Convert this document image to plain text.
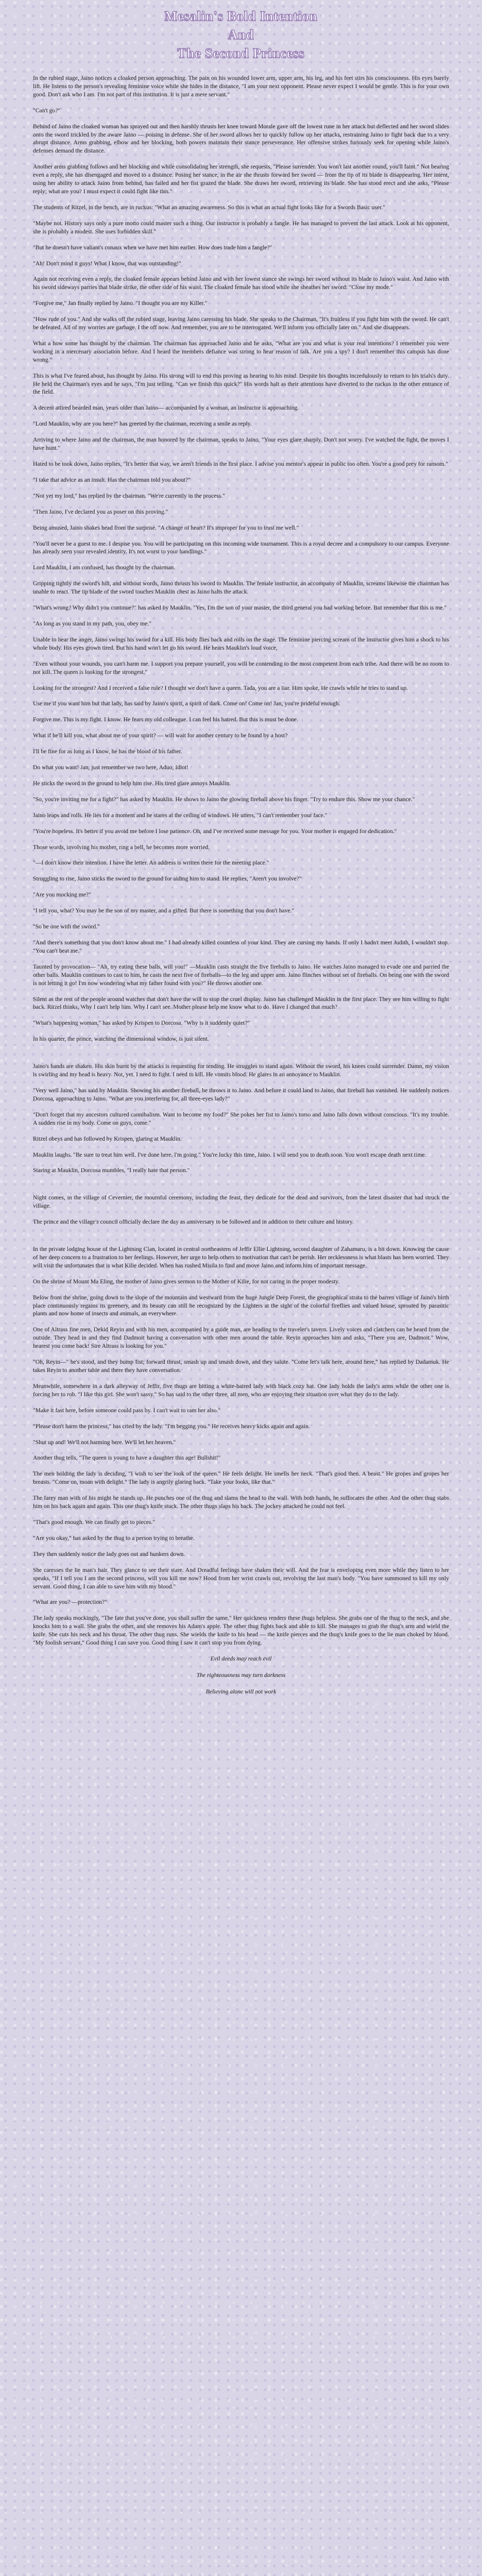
Mesalin's Bold Intention
And
The Second Princess

In the rubied stage, Jaino notices a cloaked person approaching. The pain on his wounded lower arm, upper arm, his leg, and his feet stirs his consciousness. His eyes barely lift. He listens to the person's revealing feminine voice while she hides in the distance, "I am your next opponent. Please never expect I would be gentle. This is for your own good. Don't ask who I am. I'm not part of this institution. It is just a mere servant."

"Can't go?"

Behind of Jaino the cloaked woman has sprayed out and then harshly thrusts her knee toward Morale gave off the lowest rune in her attack but deflected and her sword slides onto the sword trickled by the aware Jaino — poising in defense. She of her sword allows her to quickly follow up her attacks, restraining Jaino to fight back due to a very abrupt distance. Arms grabbing, elbow and her blocking, both powers maintain their stance perseverance. Her offensive strikes furiously seek for opening while Jaino's defenses demand the distance.

Another arms grabbing follows and her blocking and while consolidating her strength, she requests, "Please surrender. You won't last another round, you'll faint." Not bearing even a reply, she has disengaged and moved to a distance. Posing her stance, in the air she thrusts forward her sword — from the tip of its blade is disappearing. Her intent, using her ability to attack Jaino from behind, has failed and her fist grazed the blade. She draws her sword, retrieving its blade. She has stood erect and she asks, "Please reply; what are you? I must expect it could fight like this."

The students of Ritzel, in the bench, are in ruckus: "What an amazing awareness. So this is what an actual fight looks like for a Swords Basic user."

"Maybe not. History says only a pure motto could master such a thing. Our instructor is probably a fangle. He has managed to prevent the last attack. Look at his opponent, she is probably a modest. She uses forbidden skill."

"But he doesn't have valiant's conaux when we have met him earlier. How does trade him a fangle?"

"Ah! Don't mind it guys! What I know, that was outstanding!"

Again not receiving even a reply, the cloaked female appears behind Jaino and with her lowest stance she swings her sword without its blade to Jaino's waist. And Jaino with his sword sideways parries that blade strike, the other side of his waist. The cloaked female has stood while she sheathes her sword: "Close my mode."

"Forgive me," Jan finally replied by Jaino. "I thought you are my Killer."

"How rude of you." And she walks off the rubied stage, leaving Jaino caressing his blade. She speaks to the Chairman, "It's fruitless if you fight him with the sword. He can't be defeated. All of my worries are garbage. I the off now. And remember, you are to be interrogated. We'll inform you officially later on." And she disappears.

What a how some has thought by the chairman. The chairman has approached Jaino and he asks, "What are you and what is your real intentions? I remember you were working in a mercenary association before. And I heard the members defiance was strong to hear reason of talk. Are you a spy? I don't remember this campus has done wrong."

This is what I've feared about, has thought by Jaino. His strong will to end this proving as hearing to his mind. Despite his thoughts incredulously to return to his trials's duty. He held the Chairman's eyes and he says, "I'm just telling. "Can we finish this quick?" His words halt as their attentions have diverted to the ruckus in the other entrance of the field.

A decent attired bearded man, years older than Jaino— accompanied by a woman, an instructor is approaching.

"Lord Mauklin, why are you here?" has greeted by the chairman, receiving a smile as reply.

Arriving to where Jaino and the chairman, the man honored by the chairman, speaks to Jaino, "Your eyes glare sharply. Don't not worry. I've watched the fight, the moves I have hunt."

Hated to be took down, Jaino replies, "It's better that way, we aren't friends in the first place. I advise you mentor's appear in public too often. You're a good prey for ransom."

"I take that advice as an insult. Has the chairman told you about?"

"Not yet my lord," has replied by the chairman. "We're currently in the process."

"Then Jaino, I've declared you as poser on this proving."

Being amused, Jaino shakes head from the surprise. "A change of heart? It's improper for you to trust me well."

"You'll never be a guest to me. I despise you. You will be participating on this incoming wide tournament. This is a royal decree and a compulsory to our campus. Everyone has already seen your revealed identity. It's not worst to your handlings."

Lord Mauklin, I am confused, has thought by the chairman.

Gripping tightly the sword's hilt, and without words, Jaino thrusts his sword to Mauklin. The female instructor, an accompany of Mauklin, screams likewise the chairman has unable to react. The tip blade of the sword touches Mauklin chest as Jaino halts the attack.

"What's wrong? Why didn't you continue?" has asked by Mauklin. "Yes, I'm the son of your master, the third general you had working before. But remember that this is me."

"As long as you stand in my path, you, obey me."

Unable to hear the anger, Jaino swings his sword for a kill. His body flies back and rolls on the stage. The feminine piercing scream of the instructor gives him a shock to his whole body. His eyes grown tired. But his hand won't let go his sword. He hears Mauklin's loud voice,

"Even without your wounds, you can't harm me. I support you prepare yourself, you will be contending to the most competent from each tribe. And there will be no room to not kill. The queen is looking for the strongest."

Looking for the strongest? And I received a false rule? I thought we don't have a queen. Tada, you are a liar. Him spoke, He crawls while he tries to stand up.

Use me if you want him but that lady, has said by Jaino's spirit, a spirit of dark. Come on! Come on! Jan, you're prideful enough.

Forgive me. This is my fight. I know. He fears my old colleague. I can feel his hatred. But this is must be done.

What if he'll kill you, what about me of your spirit? — will wait for another century to be found by a host?

I'll be fine for as long as I know, he has the blood of his father.

Do what you want! Jan, just remember we two here, Aduo, Idiot!

He sticks the sword in the ground to help him rise. His tired glare annoys Mauklin.

"So, you're inviting me for a fight?" has asked by Mauklin. He shows to Jaino the glowing fireball above his finger. "Try to endure this. Show me your chance."

Jaino leaps and rolls. He lies for a moment and he stares at the ceiling of windows. He utters, "I can't remember your face."

"You're hopeless. It's better if you avoid me before I lose patience. Oh, and I've received some message for you. Your mother is engaged for dedication."

Those words, involving his mother, ring a bell, he becomes more worried.

"—I don't know their intention. I have the letter. An address is written there for the meeting place."

Struggling to rise, Jaino sticks the sword to the ground for aiding him to stand. He replies, "Aren't you involve?"

"Are you mocking me?"

"I tell you, what? You may be the son of my master, and a gifted. But there is something that you don't have."

"So be one with the sword."

"And there's something that you don't know about me." I had already killed countless of your kind. They are cursing my hands. If only I hadn't meet Judith, I wouldn't stop. "You can't beat me."

Taunted by provocation— "Ah, try eating these balls, will you!" —Mauklin casts straight the five fireballs to Jaino. He watches Jaino managed to evade one and parried the other balls. Mauklin continues to cast to him, he casts the next five of fireballs—to the leg and upper arm. Jaino flinches without set of fireballs. On being one with the sword is not letting it go! I'm now wondering what my father found with you?" He throws another one.

Silent as the rest of the people around watches that don't have the will to stop the cruel display. Jaino has challenged Mauklin in the first place. They see him willing to fight back. Ritzel thinks, Why I can't help him. Why I can't see. Mother please help me know what to do. Have I changed that much?

"What's happening woman," has asked by Krispen to Dorcosa. "Why is it suddenly quiet?"

In his quarter, the prince, watching the dimensional window, is just silent.

Jaino's hands are shaken. His skin burnt by the attacks is requesting for tending. He struggles to stand again. Without the sword, his knees could surrender. Damn, my vision is swirling and my head is heavy. Not, yet. I need to fight. I need to kill. He vomits blood. He glares in an annoyance to Mauklin.

"Very well Jaino," has said by Mauklin. Showing his another fireball, he throws it to Jaino. And before it could land to Jaino, that fireball has vanished. He suddenly notices Dorcosa, approaching to Jaino. "What are you interfering for, all three-eyes lady?"

"Don't forget that my ancestors cultured cannibalism. Want to become my food?" She pokes her fist to Jaino's torso and Jaino falls down without conscious. "It's my trouble. A sudden rise in my body. Come on guys, come."

Ritzel obeys and has followed by Krispen, glaring at Mauklin.

Mauklin laughs. "Be sure to treat him well. I've done here. I'm going." You're lucky this time, Jaino. I will send you to death soon. You won't escape death next time.

Staring at Mauklin, Dorcosa mumbles, "I really hate that person."

Night comes, in the village of Cevernier, the mournful ceremony, including the feast, they dedicate for the dead and survivors, from the latest disaster that had struck the village.

The prince and the village's council officially declare the day as anniversary to be followed and in addition to their culture and history.

In the private lodging house of the Lightning Clan, located in central northeastern of Jeffir Ellie Lightning, second daughter of Zahamaru, is a bit down. Knowing the cause of her deep concern to a frustration to her feelings. However, her urge to help others to motivation that can't be perish. Her recklessness is what blasts has been worried. They will visit the unfortunates that is what Kilie decided. When has rushed Misila to find and move Jaino and inform him of important message.

On the shrine of Mount Ma Eling, the mother of Jaino gives sermon to the Mother of Kilie, for not caring in the proper modesty.

Below from the shrine, going down to the slope of the mountain and westward from the huge Jungle Deep Forest, the geographical strata to the barren village of Jaino's birth place continuously regains its greenery, and its beauty can still be recognized by the Lighters at the sight of the colorful fireflies and valued house, sprouted by parasitic plants and now home of insects and animals, an everywhere.

One of Altrass fine men, Dekid Reyin and with his men, accompanied by a guide man, are heading to the traveler's tavern. Lively voices and clatchers can be heard from the outside. They head in and they find Dadmoit having a conversation with other men around the table. Reyin approaches him and asks, "There you are, Dadmoit." Wow, hearest you come back! Sire Altrass is looking for you."

"Oh, Reyin—" he's stood, and they bump fist; forward thrust, smash up and smash down, and they salute. "Come let's talk here, around here," has replied by Dadamuk. He takes Reyin to another table and there they have conversation.

Meanwhile, somewhere in a dark alleyway of Jeffir, five thugs are hitting a white-haired lady with black cozy hat. One lady holds the lady's arms while the other one is forcing her to rob. "I like this girl. She won't sassy." So has said to the other three, all men, who are enjoying their situation over what they do to the lady.

"Make it fast here, before someone could pass by. I can't wait to ram her also."

"Please don't harm the princess," has cried by the lady. "I'm begging you." He receives heavy kicks again and again.

"Shut up and! We'll not harming here. We'll let her heaven."

Another thug tells, "The queen is young to have a daughter this age! Bullshit!"

The men holding the lady is deciding, "I wish to see the look of the queen." He feels delight. He smells her neck. "That's good then. A beast." He gropes and gropes her breasts. "Come on, moan with delight." The lady is angrily glaring back. "Take your looks, like that."

The farey man with of his might he stands up. He punches one of the thug and slams the head to the wall. With both hands, he suffocates the other. And the other thug stabs him on his back again and again. This one thug's knife stuck. The other thugs slaps his back. The jockey attacked he could not feel.

"That's good enough. We can finally get to pieces."

"Are you okay," has asked by the thug to a person trying to breathe.

They then suddenly notice the lady goes out and hunkers down.

She caresses the lie man's hair. They glance to see their stare. And Dreadful feelings have shaken their will. And the fear is enveloping even more while they listen to her speaks, "If I tell you I am the second princess, will you kill me now? Hood from her wrist crawls out, revolving the last man's body. "You have summoned to kill my only servant. Good thing, I can able to save him with my blood."

"What are you? —protection?"

The lady speaks mockingly, "The fate that you've done, you shall suffer the same." Her quickness renders these thugs helpless. She grabs one of the thug to the neck, and she knocks him to a wall. She grabs the other, and she removes his Adam's apple. The other thug fights back and able to kill. She manages to grab the thug's arm and wield the knife. She cuts his neck and his throat. The other thug runs. She wields the knife to his head — the knife pierces and the thug's knife goes to the lie man choked by blood. "My foolish servant," Good thing I can save you. Good thing I saw it can't stop you from dying.

Evil deeds may reach evil

The righteousness may turn darkness

Believing alone will not work
